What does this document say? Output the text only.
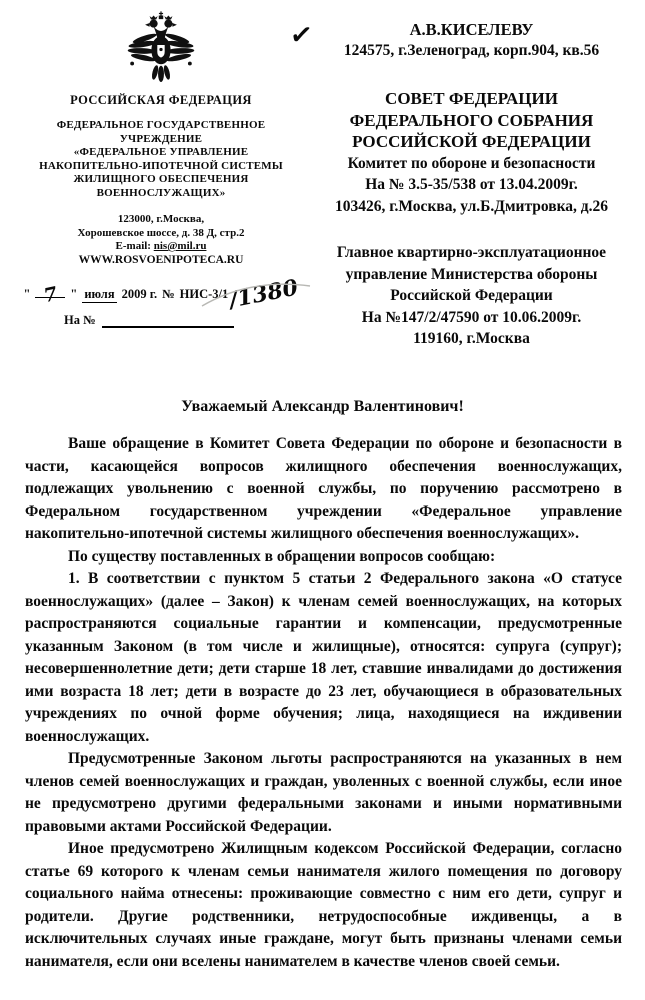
РОССИЙСКАЯ ФЕДЕРАЦИЯ
ФЕДЕРАЛЬНОЕ ГОСУДАРСТВЕННОЕ
УЧРЕЖДЕНИЕ
«ФЕДЕРАЛЬНОЕ УПРАВЛЕНИЕ
НАКОПИТЕЛЬНО-ИПОТЕЧНОЙ СИСТЕМЫ
ЖИЛИЩНОГО ОБЕСПЕЧЕНИЯ
ВОЕННОСЛУЖАЩИХ»
123000, г.Москва,
Хорошевское шоссе, д. 38 Д, стр.2
E-mail: nis@mil.ru
WWW.ROSVOENIPOTECA.RU
" 7 " июля 2009 г. № НИС-3/1 /1380
На №
✓	А.В.КИСЕЛЕВУ
124575, г.Зеленоград, корп.904, кв.56
СОВЕТ ФЕДЕРАЦИИ
ФЕДЕРАЛЬНОГО СОБРАНИЯ
РОССИЙСКОЙ ФЕДЕРАЦИИ
Комитет по обороне и безопасности
На № 3.5-35/538 от 13.04.2009г.
103426, г.Москва, ул.Б.Дмитровка, д.26
Главное квартирно-эксплуатационное
управление Министерства обороны
Российской Федерации
На №147/2/47590 от 10.06.2009г.
119160, г.Москва
Уважаемый Александр Валентинович!

Ваше обращение в Комитет Совета Федерации по обороне и безопасности в части, касающейся вопросов жилищного обеспечения военнослужащих, подлежащих увольнению с военной службы, по поручению рассмотрено в Федеральном государственном учреждении «Федеральное управление накопительно-ипотечной системы жилищного обеспечения военнослужащих».

По существу поставленных в обращении вопросов сообщаю:

1. В соответствии с пунктом 5 статьи 2 Федерального закона «О статусе военнослужащих» (далее – Закон) к членам семей военнослужащих, на которых распространяются социальные гарантии и компенсации, предусмотренные указанным Законом (в том числе и жилищные), относятся: супруга (супруг); несовершеннолетние дети; дети старше 18 лет, ставшие инвалидами до достижения ими возраста 18 лет; дети в возрасте до 23 лет, обучающиеся в образовательных учреждениях по очной форме обучения; лица, находящиеся на иждивении военнослужащих.

Предусмотренные Законом льготы распространяются на указанных в нем членов семей военнослужащих и граждан, уволенных с военной службы, если иное не предусмотрено другими федеральными законами и иными нормативными правовыми актами Российской Федерации.

Иное предусмотрено Жилищным кодексом Российской Федерации, согласно статье 69 которого к членам семьи нанимателя жилого помещения по договору социального найма отнесены: проживающие совместно с ним его дети, супруг и родители. Другие родственники, нетрудоспособные иждивенцы, а в исключительных случаях иные граждане, могут быть признаны членами семьи нанимателя, если они вселены нанимателем в качестве членов своей семьи.
